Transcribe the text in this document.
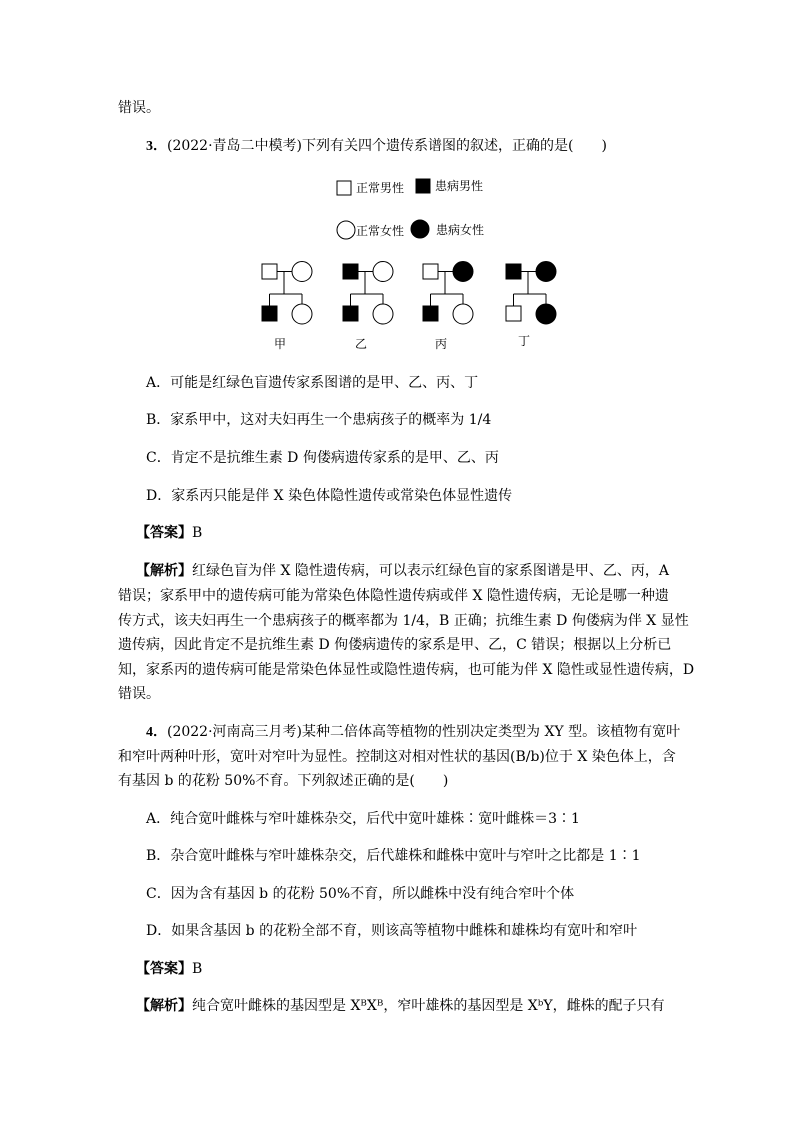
错误。
3．(2022·青岛二中模考)下列有关四个遗传系谱图的叙述，正确的是(　　)
正常男性	患病男性
正常女性	患病女性
甲	乙	丙	丁
A．可能是红绿色盲遗传家系图谱的是甲、乙、丙、丁
B．家系甲中，这对夫妇再生一个患病孩子的概率为 1/4
C．肯定不是抗维生素 D 佝偻病遗传家系的是甲、乙、丙
D．家系丙只能是伴 X 染色体隐性遗传或常染色体显性遗传
【答案】B
【解析】红绿色盲为伴 X 隐性遗传病，可以表示红绿色盲的家系图谱是甲、乙、丙，A
错误；家系甲中的遗传病可能为常染色体隐性遗传病或伴 X 隐性遗传病，无论是哪一种遗
传方式，该夫妇再生一个患病孩子的概率都为 1/4，B 正确；抗维生素 D 佝偻病为伴 X 显性
遗传病，因此肯定不是抗维生素 D 佝偻病遗传的家系是甲、乙，C 错误；根据以上分析已
知，家系丙的遗传病可能是常染色体显性或隐性遗传病，也可能为伴 X 隐性或显性遗传病，D
错误。
4．(2022·河南高三月考)某种二倍体高等植物的性别决定类型为 XY 型。该植物有宽叶
和窄叶两种叶形，宽叶对窄叶为显性。控制这对相对性状的基因(B/b)位于 X 染色体上，含
有基因 b 的花粉 50%不育。下列叙述正确的是(　　)
A．纯合宽叶雌株与窄叶雄株杂交，后代中宽叶雄株∶宽叶雌株＝3∶1
B．杂合宽叶雌株与窄叶雄株杂交，后代雄株和雌株中宽叶与窄叶之比都是 1∶1
C．因为含有基因 b 的花粉 50%不育，所以雌株中没有纯合窄叶个体
D．如果含基因 b 的花粉全部不育，则该高等植物中雌株和雄株均有宽叶和窄叶
【答案】B
【解析】纯合宽叶雌株的基因型是 XᴮXᴮ，窄叶雄株的基因型是 XᵇY，雌株的配子只有
